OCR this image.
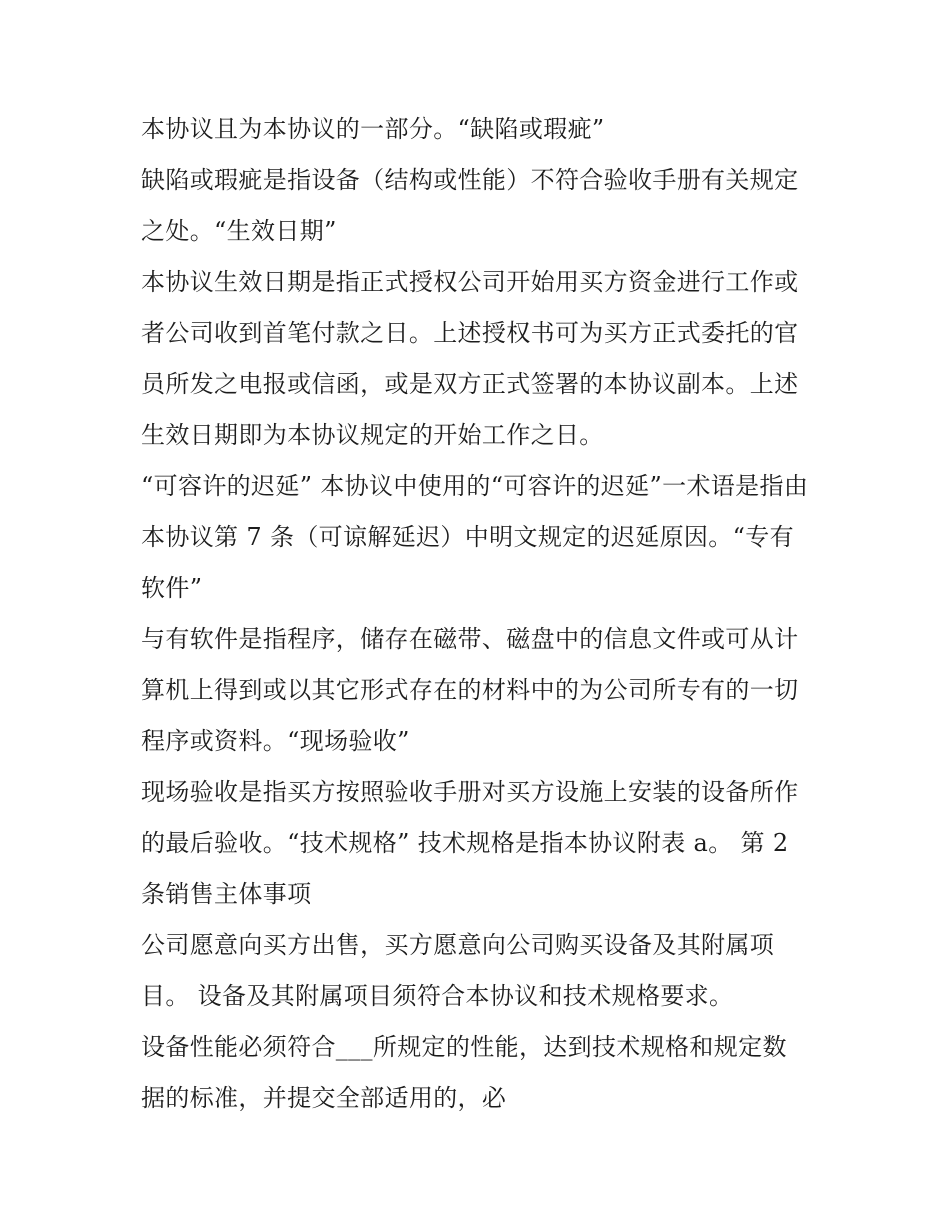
本协议且为本协议的一部分。“缺陷或瑕疵”
缺陷或瑕疵是指设备（结构或性能）不符合验收手册有关规定
之处。“生效日期”
本协议生效日期是指正式授权公司开始用买方资金进行工作或
者公司收到首笔付款之日。上述授权书可为买方正式委托的官
员所发之电报或信函，或是双方正式签署的本协议副本。上述
生效日期即为本协议规定的开始工作之日。
“可容许的迟延” 本协议中使用的“可容许的迟延”一术语是指由
本协议第 7 条（可谅解延迟）中明文规定的迟延原因。“专有
软件”
与有软件是指程序，储存在磁带、磁盘中的信息文件或可从计
算机上得到或以其它形式存在的材料中的为公司所专有的一切
程序或资料。“现场验收”
现场验收是指买方按照验收手册对买方设施上安装的设备所作
的最后验收。“技术规格” 技术规格是指本协议附表 a。 第 2
条销售主体事项
公司愿意向买方出售，买方愿意向公司购买设备及其附属项
目。 设备及其附属项目须符合本协议和技术规格要求。
设备性能必须符合___所规定的性能，达到技术规格和规定数
据的标准，并提交全部适用的，必
